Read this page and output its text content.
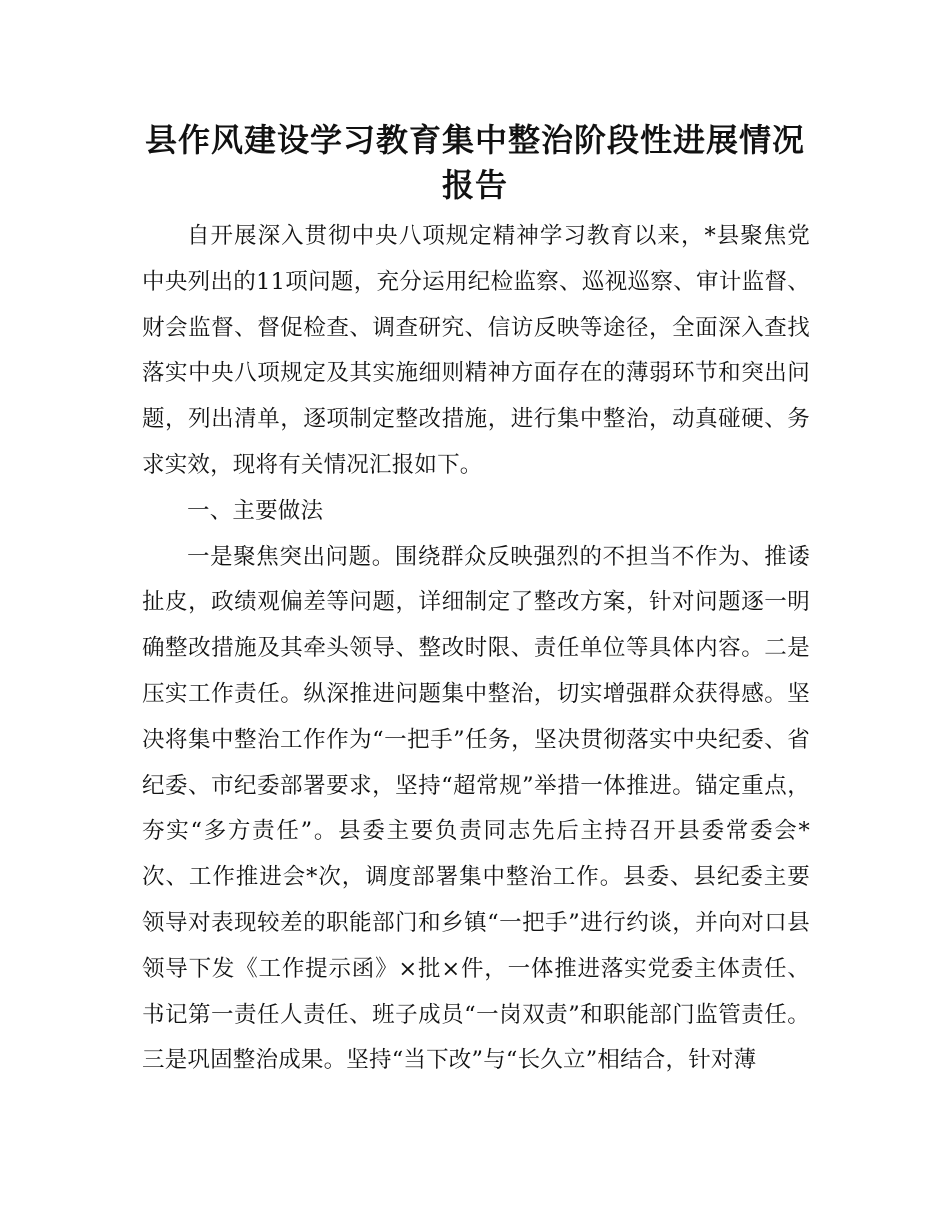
县作风建设学习教育集中整治阶段性进展情况
报告

自开展深入贯彻中央八项规定精神学习教育以来，*县聚焦党中央列出的11项问题，充分运用纪检监察、巡视巡察、审计监督、财会监督、督促检查、调查研究、信访反映等途径，全面深入查找落实中央八项规定及其实施细则精神方面存在的薄弱环节和突出问题，列出清单，逐项制定整改措施，进行集中整治，动真碰硬、务求实效，现将有关情况汇报如下。

一、主要做法

一是聚焦突出问题。围绕群众反映强烈的不担当不作为、推诿扯皮，政绩观偏差等问题，详细制定了整改方案，针对问题逐一明确整改措施及其牵头领导、整改时限、责任单位等具体内容。二是压实工作责任。纵深推进问题集中整治，切实增强群众获得感。坚决将集中整治工作作为“一把手”任务，坚决贯彻落实中央纪委、省纪委、市纪委部署要求，坚持“超常规”举措一体推进。锚定重点，夯实“多方责任”。县委主要负责同志先后主持召开县委常委会*次、工作推进会*次，调度部署集中整治工作。县委、县纪委主要领导对表现较差的职能部门和乡镇“一把手”进行约谈，并向对口县领导下发《工作提示函》×批×件，一体推进落实党委主体责任、书记第一责任人责任、班子成员“一岗双责”和职能部门监管责任。三是巩固整治成果。坚持“当下改”与“长久立”相结合，针对薄
